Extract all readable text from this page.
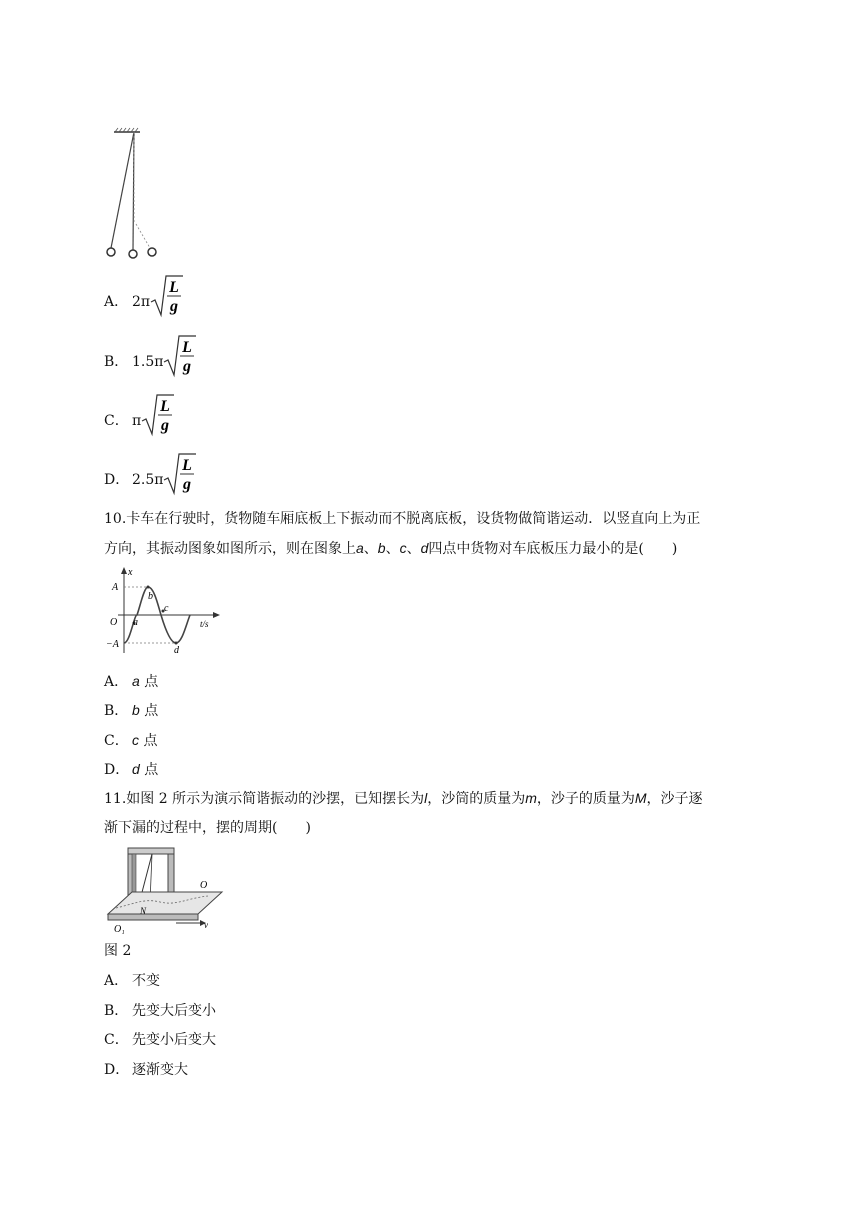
A． 2π
L
g
B． 1.5π
L
g
C． π
L
g
D． 2.5π
L
g
10.卡车在行驶时，货物随车厢底板上下振动而不脱离底板，设货物做简谐运动．以竖直向上为正
方向，其振动图象如图所示，则在图象上a、b、c、d四点中货物对车底板压力最小的是(　　)
x
A
−A
O	t/s
a
b
c
d
A． a 点
B． b 点
C． c 点
D． d 点
11.如图 2 所示为演示简谐振动的沙摆，已知摆长为l，沙筒的质量为m，沙子的质量为M，沙子逐
渐下漏的过程中，摆的周期(　　)
O
O₁
N
v
图 2
A． 不变
B． 先变大后变小
C． 先变小后变大
D． 逐渐变大
